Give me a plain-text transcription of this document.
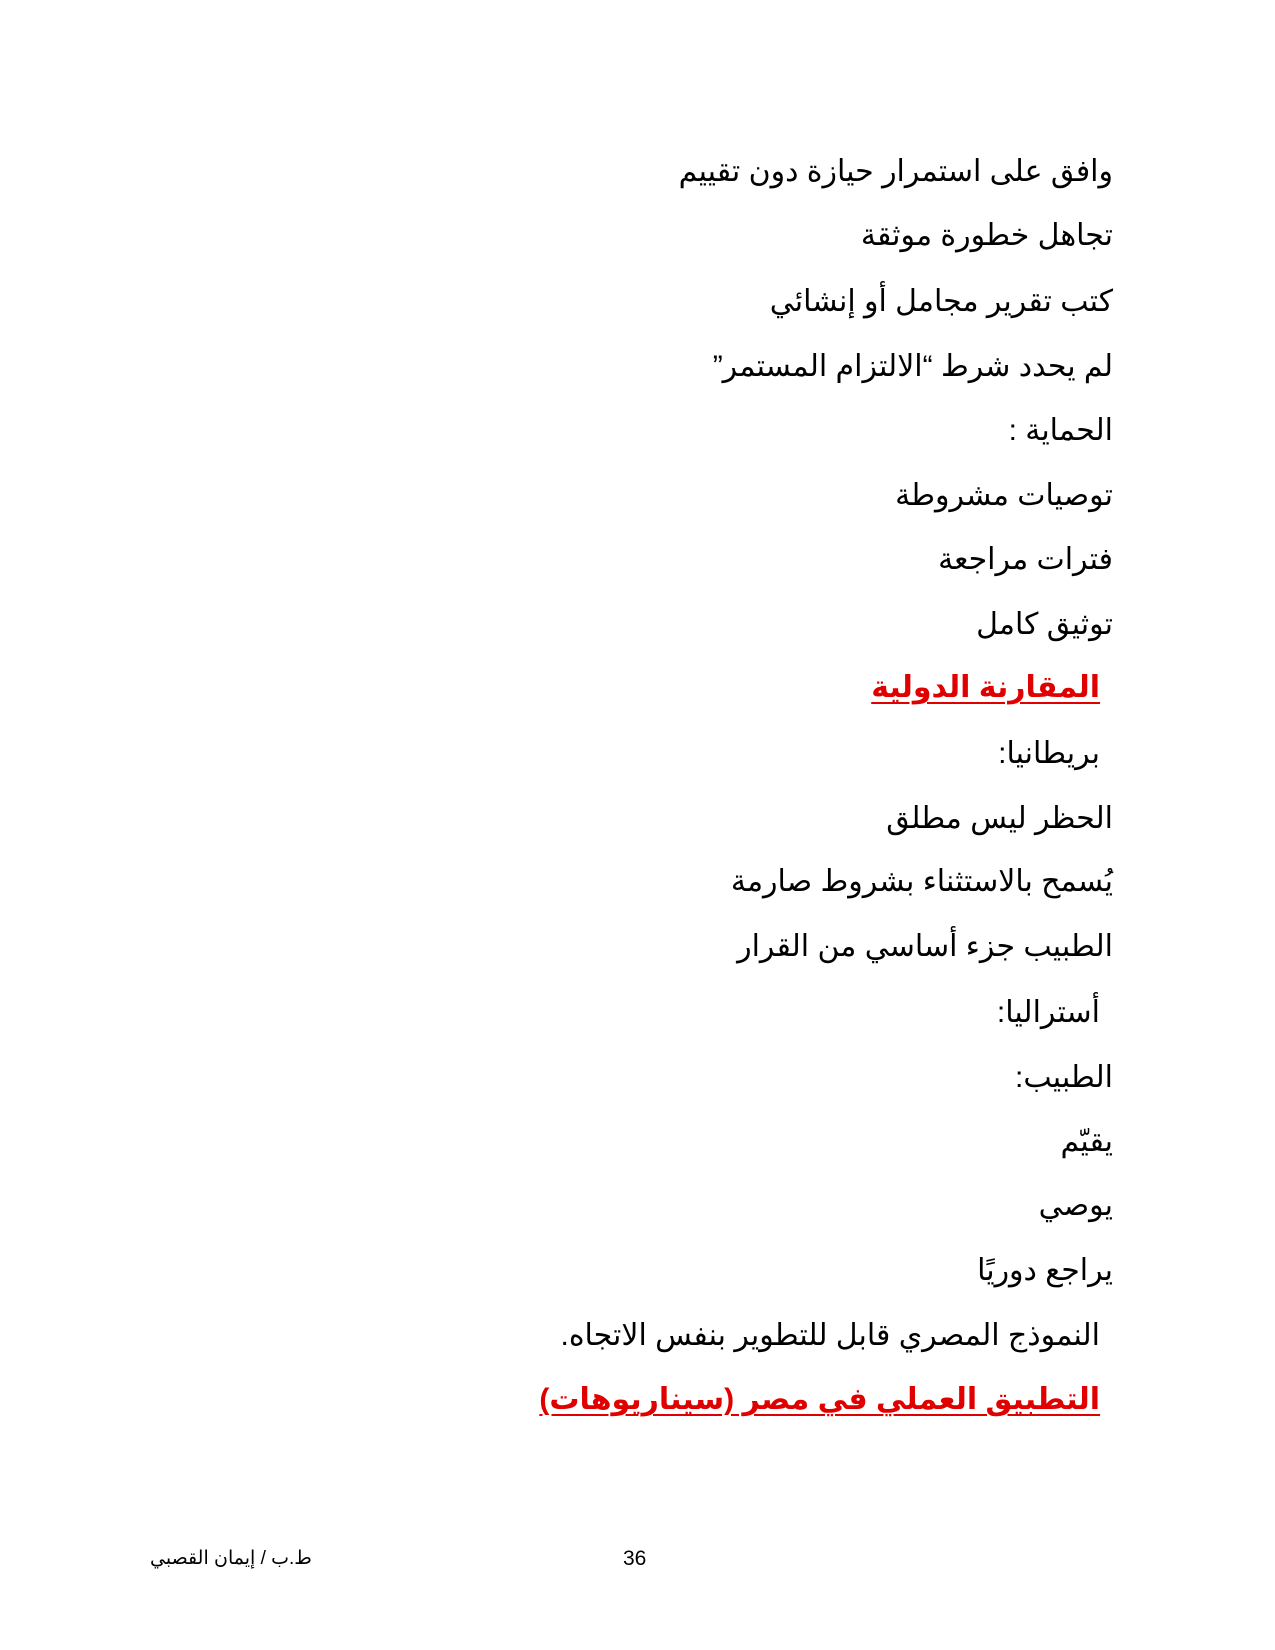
وافق على استمرار حيازة دون تقييم
تجاهل خطورة موثقة
كتب تقرير مجامل أو إنشائي
لم يحدد شرط “الالتزام المستمر”
الحماية :
توصيات مشروطة
فترات مراجعة
توثيق كامل
المقارنة الدولية
بريطانيا:
الحظر ليس مطلق
يُسمح بالاستثناء بشروط صارمة
الطبيب جزء أساسي من القرار
أستراليا:
الطبيب:
يقيّم
يوصي
يراجع دوريًا
النموذج المصري قابل للتطوير بنفس الاتجاه.
التطبيق العملي في مصر (سيناريوهات)
ط.ب / إيمان القصبي	36
